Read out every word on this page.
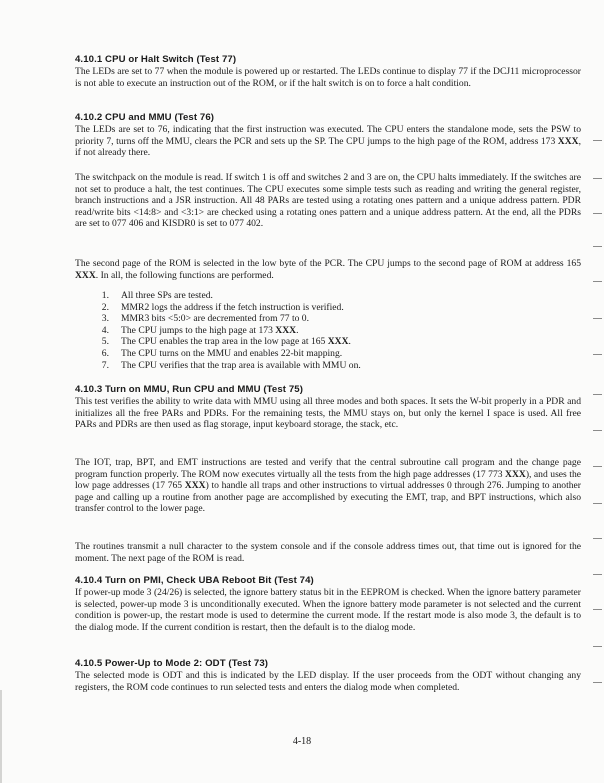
4.10.1 CPU or Halt Switch (Test 77)

The LEDs are set to 77 when the module is powered up or restarted. The LEDs continue to display 77 if the DCJ11 microprocessor is not able to execute an instruction out of the ROM, or if the halt switch is on to force a halt condition.

4.10.2 CPU and MMU (Test 76)

The LEDs are set to 76, indicating that the first instruction was executed. The CPU enters the standalone mode, sets the PSW to priority 7, turns off the MMU, clears the PCR and sets up the SP. The CPU jumps to the high page of the ROM, address 173 XXX, if not already there.

The switchpack on the module is read. If switch 1 is off and switches 2 and 3 are on, the CPU halts immediately. If the switches are not set to produce a halt, the test continues. The CPU executes some simple tests such as reading and writing the general register, branch instructions and a JSR instruction. All 48 PARs are tested using a rotating ones pattern and a unique address pattern. PDR read/write bits <14:8> and <3:1> are checked using a rotating ones pattern and a unique address pattern. At the end, all the PDRs are set to 077 406 and KISDR0 is set to 077 402.

The second page of the ROM is selected in the low byte of the PCR. The CPU jumps to the second page of ROM at address 165 XXX. In all, the following functions are performed.

1. All three SPs are tested.
2. MMR2 logs the address if the fetch instruction is verified.
3. MMR3 bits <5:0> are decremented from 77 to 0.
4. The CPU jumps to the high page at 173 XXX.
5. The CPU enables the trap area in the low page at 165 XXX.
6. The CPU turns on the MMU and enables 22-bit mapping.
7. The CPU verifies that the trap area is available with MMU on.
4.10.3 Turn on MMU, Run CPU and MMU (Test 75)

This test verifies the ability to write data with MMU using all three modes and both spaces. It sets the W-bit properly in a PDR and initializes all the free PARs and PDRs. For the remaining tests, the MMU stays on, but only the kernel I space is used. All free PARs and PDRs are then used as flag storage, input keyboard storage, the stack, etc.

The IOT, trap, BPT, and EMT instructions are tested and verify that the central subroutine call program and the change page program function properly. The ROM now executes virtually all the tests from the high page addresses (17 773 XXX), and uses the low page addresses (17 765 XXX) to handle all traps and other instructions to virtual addresses 0 through 276. Jumping to another page and calling up a routine from another page are accomplished by executing the EMT, trap, and BPT instructions, which also transfer control to the lower page.

The routines transmit a null character to the system console and if the console address times out, that time out is ignored for the moment. The next page of the ROM is read.

4.10.4 Turn on PMI, Check UBA Reboot Bit (Test 74)

If power-up mode 3 (24/26) is selected, the ignore battery status bit in the EEPROM is checked. When the ignore battery parameter is selected, power-up mode 3 is unconditionally executed. When the ignore battery mode parameter is not selected and the current condition is power-up, the restart mode is used to determine the current mode. If the restart mode is also mode 3, the default is to the dialog mode. If the current condition is restart, then the default is to the dialog mode.

4.10.5 Power-Up to Mode 2: ODT (Test 73)

The selected mode is ODT and this is indicated by the LED display. If the user proceeds from the ODT without changing any registers, the ROM code continues to run selected tests and enters the dialog mode when completed.

4-18
